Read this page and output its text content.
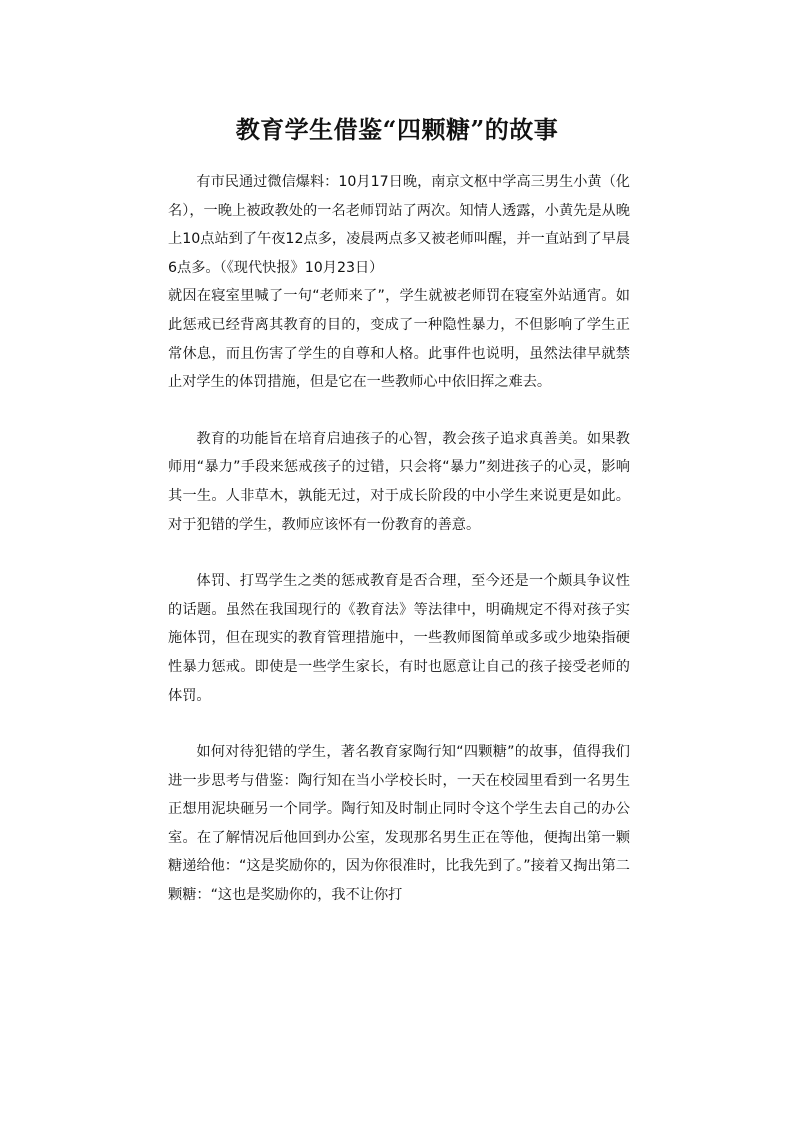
教育学生借鉴“四颗糖”的故事

有市民通过微信爆料：10月17日晚，南京文枢中学高三男生小黄（化名），一晚上被政教处的一名老师罚站了两次。知情人透露，小黄先是从晚上10点站到了午夜12点多，凌晨两点多又被老师叫醒，并一直站到了早晨6点多。（《现代快报》10月23日）

就因在寝室里喊了一句“老师来了”，学生就被老师罚在寝室外站通宵。如此惩戒已经背离其教育的目的，变成了一种隐性暴力，不但影响了学生正常休息，而且伤害了学生的自尊和人格。此事件也说明，虽然法律早就禁止对学生的体罚措施，但是它在一些教师心中依旧挥之难去。

教育的功能旨在培育启迪孩子的心智，教会孩子追求真善美。如果教师用“暴力”手段来惩戒孩子的过错，只会将“暴力”刻进孩子的心灵，影响其一生。人非草木，孰能无过，对于成长阶段的中小学生来说更是如此。对于犯错的学生，教师应该怀有一份教育的善意。

体罚、打骂学生之类的惩戒教育是否合理，至今还是一个颇具争议性的话题。虽然在我国现行的《教育法》等法律中，明确规定不得对孩子实施体罚，但在现实的教育管理措施中，一些教师图简单或多或少地染指硬性暴力惩戒。即使是一些学生家长，有时也愿意让自己的孩子接受老师的体罚。

如何对待犯错的学生，著名教育家陶行知“四颗糖”的故事，值得我们进一步思考与借鉴：陶行知在当小学校长时，一天在校园里看到一名男生正想用泥块砸另一个同学。陶行知及时制止同时令这个学生去自己的办公室。在了解情况后他回到办公室，发现那名男生正在等他，便掏出第一颗糖递给他：“这是奖励你的，因为你很准时，比我先到了。”接着又掏出第二颗糖：“这也是奖励你的，我不让你打
